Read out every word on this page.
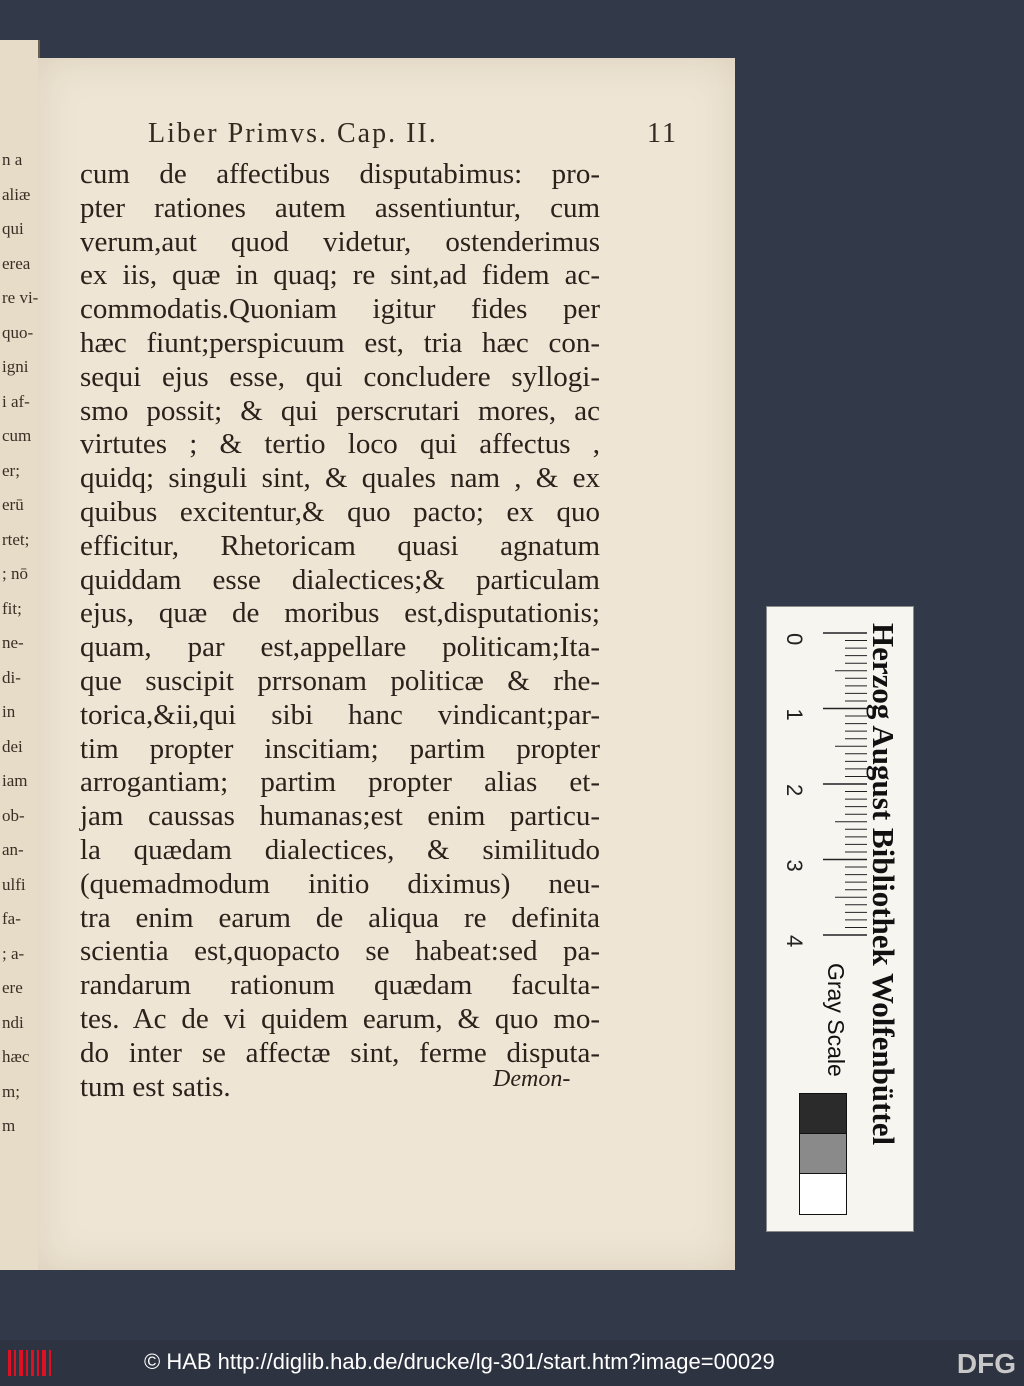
n a
aliæ
qui
erea
re vi-
quo-
igni
i af-
cum
er;
erū
rtet;
; nō
fit;
ne-
di-
in
dei
iam
ob-
an-
ulfi
fa-
; a-
ere
ndi
hæc
m;
m
Liber Primvs. Cap. II.	11
cum de affectibus disputabimus: pro-
pter rationes autem assentiuntur, cum
verum,aut quod videtur, ostenderimus
ex iis, quæ in quaq; re sint,ad fidem ac-
commodatis.Quoniam igitur fides per
hæc fiunt;perspicuum est, tria hæc con-
sequi ejus esse, qui concludere syllogi-
smo possit; & qui perscrutari mores, ac
virtutes ; & tertio loco qui affectus ,
quidq; singuli sint, & quales nam , & ex
quibus excitentur,& quo pacto; ex quo
efficitur, Rhetoricam quasi agnatum
quiddam esse dialectices;& particulam
ejus, quæ de moribus est,disputationis;
quam, par est,appellare politicam;Ita-
que suscipit prrsonam politicæ & rhe-
torica,&ii,qui sibi hanc vindicant;par-
tim propter inscitiam; partim propter
arrogantiam; partim propter alias et-
jam caussas humanas;est enim particu-
la quædam dialectices, & similitudo
(quemadmodum initio diximus) neu-
tra enim earum de aliqua re definita
scientia est,quopacto se habeat:sed pa-
randarum rationum quædam faculta-
tes. Ac de vi quidem earum, & quo mo-
do inter se affectæ sint, ferme disputa-
tum est satis.	Demon-
0
1
2
3
4 Herzog August Bibliothek Wolfenbüttel
Gray Scale
© HAB http://diglib.hab.de/drucke/lg-301/start.htm?image=00029	DFG
